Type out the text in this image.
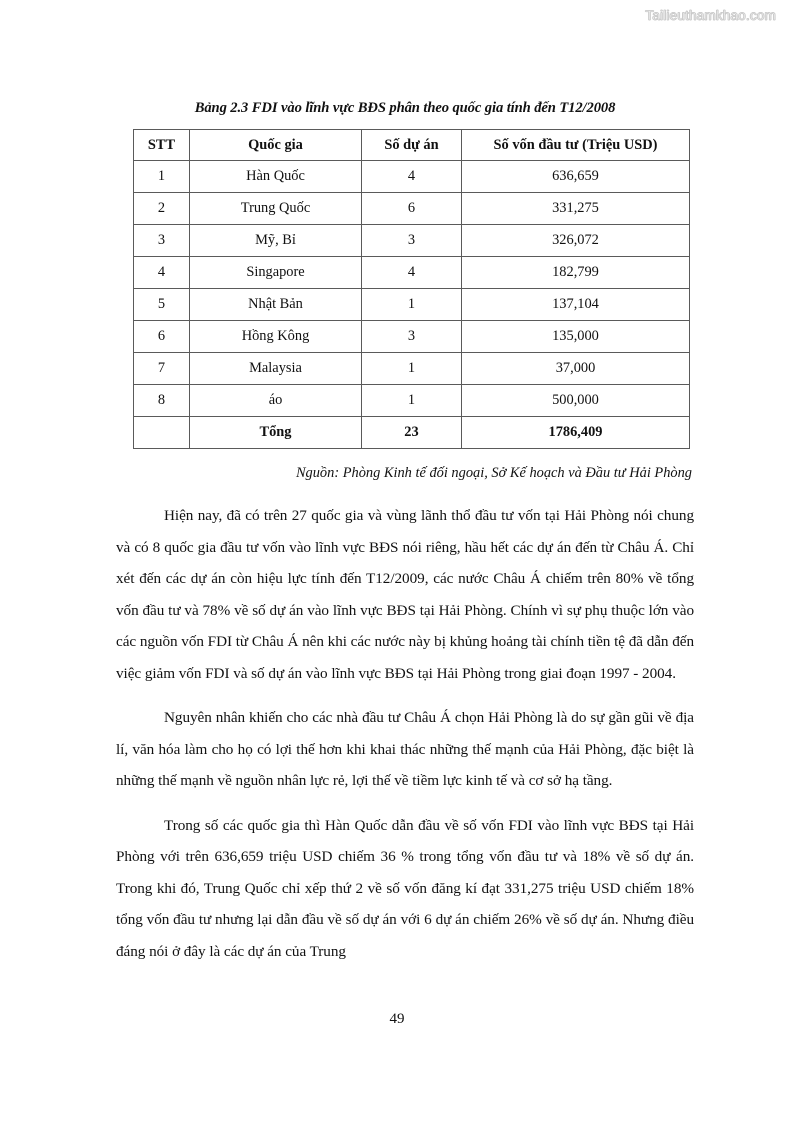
Tailieuthamkhao.com
Bảng 2.3 FDI vào lĩnh vực BĐS phân theo quốc gia tính đến T12/2008
STT	Quốc gia	Số dự án	Số vốn đầu tư (Triệu USD)
1	Hàn Quốc	4	636,659
2	Trung Quốc	6	331,275
3	Mỹ, Bỉ	3	326,072
4	Singapore	4	182,799
5	Nhật Bản	1	137,104
6	Hồng Kông	3	135,000
7	Malaysia	1	37,000
8	áo	1	500,000
	Tổng	23	1786,409
Nguồn: Phòng Kinh tế đối ngoại, Sở Kế hoạch và Đầu tư Hải Phòng

Hiện nay, đã có trên 27 quốc gia và vùng lãnh thổ đầu tư vốn tại Hải Phòng nói chung và có 8 quốc gia đầu tư vốn vào lĩnh vực BĐS nói riêng, hầu hết các dự án đến từ Châu Á. Chỉ xét đến các dự án còn hiệu lực tính đến T12/2009, các nước Châu Á chiếm trên 80% về tổng vốn đầu tư và 78% về số dự án vào lĩnh vực BĐS tại Hải Phòng. Chính vì sự phụ thuộc lớn vào các nguồn vốn FDI từ Châu Á nên khi các nước này bị khủng hoảng tài chính tiền tệ đã dẫn đến việc giảm vốn FDI và số dự án vào lĩnh vực BĐS tại Hải Phòng trong giai đoạn 1997 - 2004.

Nguyên nhân khiến cho các nhà đầu tư Châu Á chọn Hải Phòng là do sự gần gũi về địa lí, văn hóa làm cho họ có lợi thế hơn khi khai thác những thế mạnh của Hải Phòng, đặc biệt là những thế mạnh về nguồn nhân lực rẻ, lợi thế về tiềm lực kinh tế và cơ sở hạ tầng.

Trong số các quốc gia thì Hàn Quốc dẫn đầu về số vốn FDI vào lĩnh vực BĐS tại Hải Phòng với trên 636,659 triệu USD chiếm 36 % trong tổng vốn đầu tư và 18% về số dự án. Trong khi đó, Trung Quốc chỉ xếp thứ 2 về số vốn đăng kí đạt 331,275 triệu USD chiếm 18% tổng vốn đầu tư nhưng lại dẫn đầu về số dự án với 6 dự án chiếm 26% về số dự án. Nhưng điều đáng nói ở đây là các dự án của Trung

49
